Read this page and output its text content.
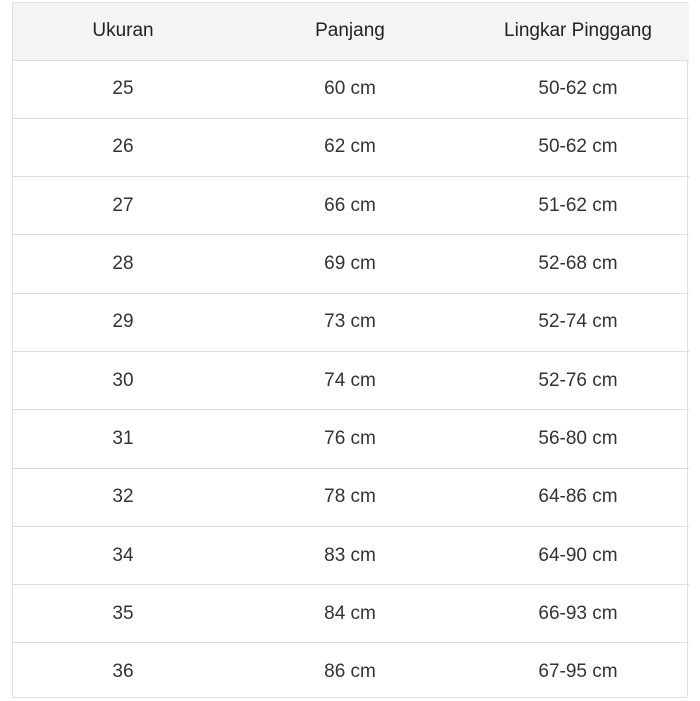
Ukuran	Panjang	Lingkar Pinggang
25	60 cm	50-62 cm
26	62 cm	50-62 cm
27	66 cm	51-62 cm
28	69 cm	52-68 cm
29	73 cm	52-74 cm
30	74 cm	52-76 cm
31	76 cm	56-80 cm
32	78 cm	64-86 cm
34	83 cm	64-90 cm
35	84 cm	66-93 cm
36	86 cm	67-95 cm
